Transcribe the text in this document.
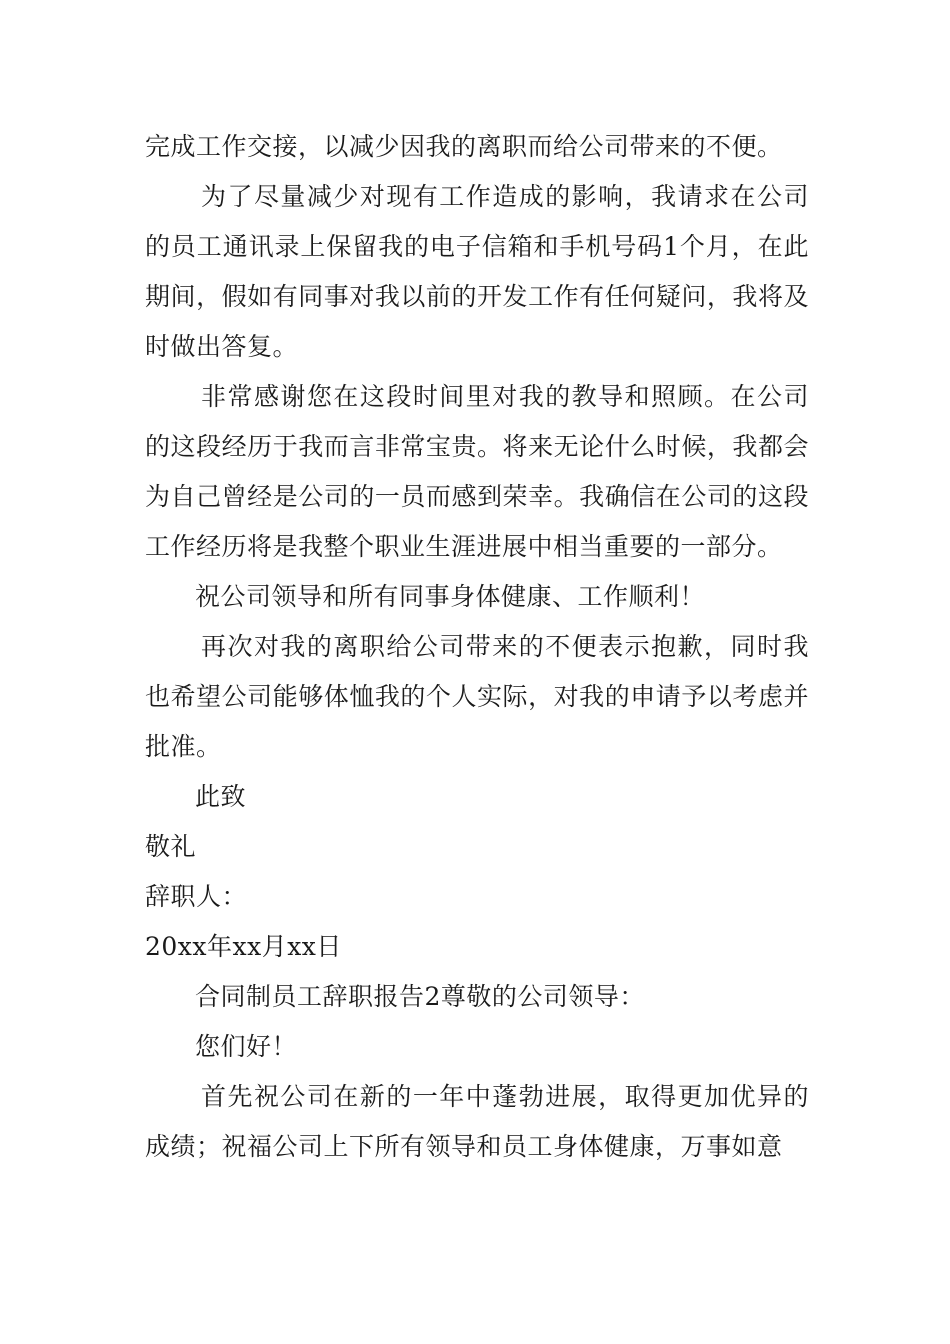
完成工作交接，以减少因我的离职而给公司带来的不便。

为了尽量减少对现有工作造成的影响，我请求在公司的员工通讯录上保留我的电子信箱和手机号码1个月，在此期间，假如有同事对我以前的开发工作有任何疑问，我将及时做出答复。

非常感谢您在这段时间里对我的教导和照顾。在公司的这段经历于我而言非常宝贵。将来无论什么时候，我都会为自己曾经是公司的一员而感到荣幸。我确信在公司的这段工作经历将是我整个职业生涯进展中相当重要的一部分。

祝公司领导和所有同事身体健康、工作顺利！

再次对我的离职给公司带来的不便表示抱歉，同时我也希望公司能够体恤我的个人实际，对我的申请予以考虑并批准。

此致

敬礼

辞职人：

20xx年xx月xx日

合同制员工辞职报告2尊敬的公司领导：

您们好！

首先祝公司在新的一年中蓬勃进展，取得更加优异的成绩；祝福公司上下所有领导和员工身体健康，万事如意
